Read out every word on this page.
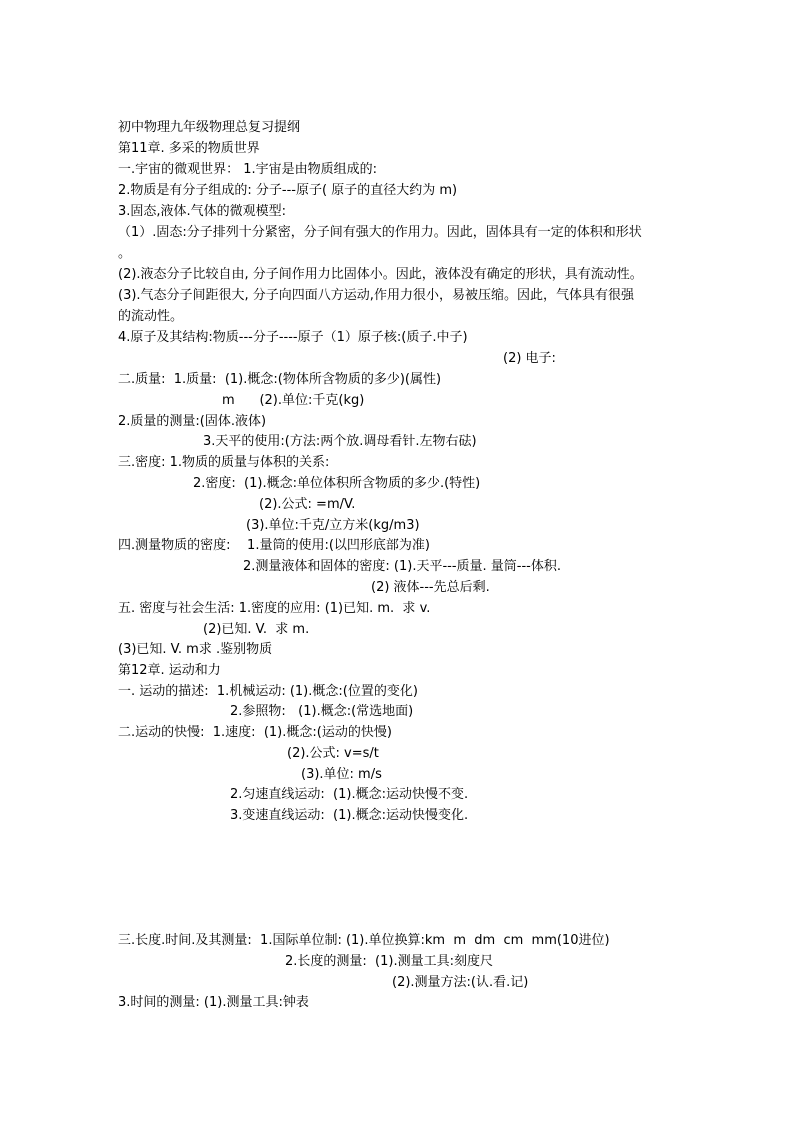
初中物理九年级物理总复习提纲
第11章. 多采的物质世界
一.宇宙的微观世界： 1.宇宙是由物质组成的:
2.物质是有分子组成的: 分子---原子( 原子的直径大约为 m)
3.固态,液体.气体的微观模型:
（1）.固态:分子排列十分紧密，分子间有强大的作用力。因此，固体具有一定的体积和形状
。
(2).液态分子比较自由, 分子间作用力比固体小。因此，液体没有确定的形状，具有流动性。
(3).气态分子间距很大, 分子向四面八方运动,作用力很小，易被压缩。因此，气体具有很强
的流动性。
4.原子及其结构:物质---分子----原子（1）原子核:(质子.中子)
(2) 电子:
二.质量:  1.质量:  (1).概念:(物体所含物质的多少)(属性)
m      (2).单位:千克(kg)
2.质量的测量:(固体.液体)
3.天平的使用:(方法:两个放.调母看针.左物右砝)
三.密度: 1.物质的质量与体积的关系:
2.密度:  (1).概念:单位体积所含物质的多少.(特性)
(2).公式: =m/V.
(3).单位:千克/立方米(kg/m3)
四.测量物质的密度:    1.量筒的使用:(以凹形底部为准)
2.测量液体和固体的密度: (1).天平---质量. 量筒---体积.
(2) 液体---先总后剩.
五. 密度与社会生活: 1.密度的应用: (1)已知. m.  求 v.
(2)已知. V.  求 m.
(3)已知. V. m求 .鉴别物质
第12章. 运动和力
一. 运动的描述:  1.机械运动: (1).概念:(位置的变化)
2.参照物:   (1).概念:(常选地面)
二.运动的快慢:  1.速度:  (1).概念:(运动的快慢)
(2).公式: v=s/t
(3).单位: m/s
2.匀速直线运动:  (1).概念:运动快慢不变.
3.变速直线运动:  (1).概念:运动快慢变化.
三.长度.时间.及其测量:  1.国际单位制: (1).单位换算:km  m  dm  cm  mm(10进位)
2.长度的测量:  (1).测量工具:刻度尺
(2).测量方法:(认.看.记)
3.时间的测量: (1).测量工具:钟表
